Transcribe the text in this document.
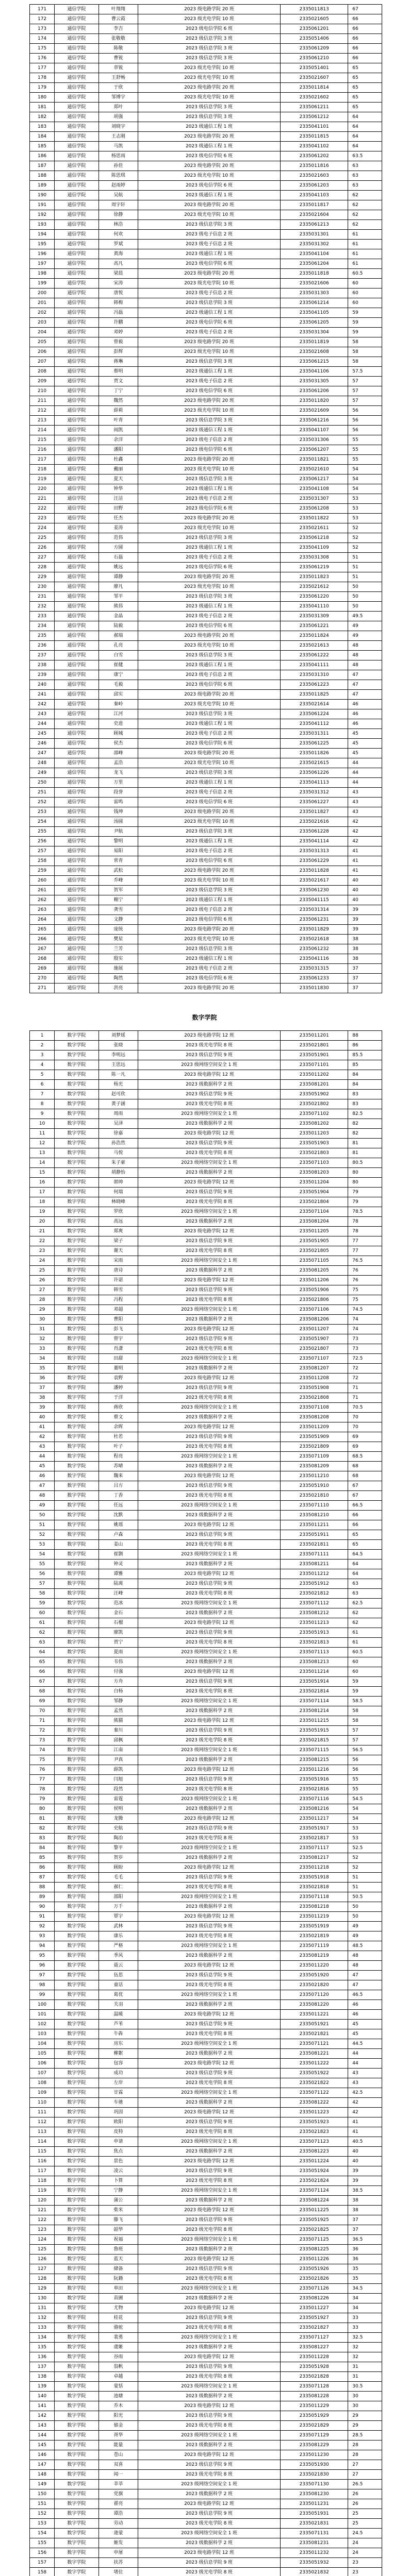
171	通信学院	叶翔翔	2023 级电路学院 20 班	2335011813	67
172	通信学院	曹云霞	2023 级光电学院 10 班	2335021605	66
173	通信学院	李吉	2023 级电信学院 6 班	2335061201	66
174	通信学院	张敬敬	2023 级信息学院 3 班	2335051406	66
175	通信学院	陈敬	2023 级信息学院 3 班	2335061209	66
176	通信学院	曹锐	2023 级信息学院 3 班	2335061210	66
177	通信学院	章锐	2023 级光电学院 10 班	2335051401	65
178	通信学院	王舒畅	2023 级光电学院 10 班	2335021607	65
179	通信学院	于欣	2023 级电路学院 20 班	2335011814	65
180	通信学院	邹博宇	2023 级光电学院 10 班	2335021602	65
181	通信学院	郑叶	2023 级信息学院 3 班	2335061211	65
182	通信学院	胡强	2023 级信息学院 3 班	2335061212	64
183	通信学院	刘晓宇	2023 级通信工程 1 班	2335041101	64
184	通信学院	王志刚	2023 级电路学院 20 班	2335011815	64
185	通信学院	马凯	2023 级通信工程 1 班	2335041102	64
186	通信学院	杨思雨	2023 级电信学院 6 班	2335061202	63.5
187	通信学院	孙佳	2023 级电路学院 20 班	2335011816	63
188	通信学院	陈思琪	2023 级光电学院 10 班	2335021603	63
189	通信学院	赵雨婷	2023 级电信学院 6 班	2335061203	63
190	通信学院	吴航	2023 级通信工程 1 班	2335041103	62
191	通信学院	周宇轩	2023 级电路学院 20 班	2335011817	62
192	通信学院	徐静	2023 级光电学院 10 班	2335021604	62
193	通信学院	林浩	2023 级信息学院 3 班	2335061213	62
194	通信学院	何欢	2023 级电子信息 2 班	2335031301	61
195	通信学院	罗斌	2023 级电子信息 2 班	2335031302	61
196	通信学院	黄海	2023 级通信工程 1 班	2335041104	61
197	通信学院	高凡	2023 级电信学院 6 班	2335061204	61
198	通信学院	梁晨	2023 级电路学院 20 班	2335011818	60.5
199	通信学院	宋涛	2023 级光电学院 10 班	2335021606	60
200	通信学院	唐悦	2023 级电子信息 2 班	2335031303	60
201	通信学院	韩梅	2023 级信息学院 3 班	2335061214	60
202	通信学院	冯磊	2023 级通信工程 1 班	2335041105	59
203	通信学院	许鹏	2023 级电信学院 6 班	2335061205	59
204	通信学院	邓婷	2023 级电子信息 2 班	2335031304	59
205	通信学院	曾毅	2023 级电路学院 20 班	2335011819	58
206	通信学院	彭辉	2023 级光电学院 10 班	2335021608	58
207	通信学院	蒋琳	2023 级信息学院 3 班	2335061215	58
208	通信学院	蔡明	2023 级通信工程 1 班	2335041106	57.5
209	通信学院	贾文	2023 级电子信息 2 班	2335031305	57
210	通信学院	丁宁	2023 级电信学院 6 班	2335061206	57
211	通信学院	魏然	2023 级电路学院 20 班	2335011820	57
212	通信学院	薛莉	2023 级光电学院 10 班	2335021609	56
213	通信学院	叶青	2023 级信息学院 3 班	2335061216	56
214	通信学院	阎凯	2023 级通信工程 1 班	2335041107	56
215	通信学院	余洋	2023 级电子信息 2 班	2335031306	55
216	通信学院	潘阳	2023 级电信学院 6 班	2335061207	55
217	通信学院	杜鑫	2023 级电路学院 20 班	2335011821	55
218	通信学院	戴丽	2023 级光电学院 10 班	2335021610	54
219	通信学院	夏天	2023 级信息学院 3 班	2335061217	54
220	通信学院	钟华	2023 级通信工程 1 班	2335041108	54
221	通信学院	汪洁	2023 级电子信息 2 班	2335031307	53
222	通信学院	田野	2023 级电信学院 6 班	2335061208	53
223	通信学院	任杰	2023 级电路学院 20 班	2335011822	53
224	通信学院	姜涛	2023 级光电学院 10 班	2335021611	52
225	通信学院	范伟	2023 级信息学院 3 班	2335061218	52
226	通信学院	方圆	2023 级通信工程 1 班	2335041109	52
227	通信学院	石磊	2023 级电子信息 2 班	2335031308	51
228	通信学院	姚远	2023 级电信学院 6 班	2335061219	51
229	通信学院	谭静	2023 级电路学院 20 班	2335011823	51
230	通信学院	廖凡	2023 级光电学院 10 班	2335021612	50
231	通信学院	邹平	2023 级信息学院 3 班	2335061220	50
232	通信学院	熊伟	2023 级通信工程 1 班	2335041110	50
233	通信学院	金晶	2023 级电子信息 2 班	2335031309	49.5
234	通信学院	陆毅	2023 级电信学院 6 班	2335061221	49
235	通信学院	郝瑞	2023 级电路学院 20 班	2335011824	49
236	通信学院	孔亮	2023 级光电学院 10 班	2335021613	48
237	通信学院	白雪	2023 级信息学院 3 班	2335061222	48
238	通信学院	崔健	2023 级通信工程 1 班	2335041111	48
239	通信学院	康宁	2023 级电子信息 2 班	2335031310	47
240	通信学院	毛毅	2023 级电信学院 6 班	2335061223	47
241	通信学院	邱实	2023 级电路学院 20 班	2335011825	47
242	通信学院	秦岭	2023 级光电学院 10 班	2335021614	46
243	通信学院	江河	2023 级信息学院 3 班	2335061224	46
244	通信学院	史进	2023 级通信工程 1 班	2335041112	46
245	通信学院	顾城	2023 级电子信息 2 班	2335031311	45
246	通信学院	侯杰	2023 级电信学院 6 班	2335061225	45
247	通信学院	邵峰	2023 级电路学院 20 班	2335011826	45
248	通信学院	孟浩	2023 级光电学院 10 班	2335021615	44
249	通信学院	龙飞	2023 级信息学院 3 班	2335061226	44
250	通信学院	万里	2023 级通信工程 1 班	2335041113	44
251	通信学院	段誉	2023 级电子信息 2 班	2335031312	43
252	通信学院	雷鸣	2023 级电信学院 6 班	2335061227	43
253	通信学院	钱坤	2023 级电路学院 20 班	2335011827	43
254	通信学院	汤圆	2023 级光电学院 10 班	2335021616	42
255	通信学院	尹航	2023 级信息学院 3 班	2335061228	42
256	通信学院	黎明	2023 级通信工程 1 班	2335041114	42
257	通信学院	易阳	2023 级电子信息 2 班	2335031313	41
258	通信学院	常青	2023 级电信学院 6 班	2335061229	41
259	通信学院	武松	2023 级电路学院 20 班	2335011828	41
260	通信学院	乔峰	2023 级光电学院 10 班	2335021617	40
261	通信学院	贺军	2023 级信息学院 3 班	2335061230	40
262	通信学院	赖宁	2023 级通信工程 1 班	2335041115	40
263	通信学院	龚雪	2023 级电子信息 2 班	2335031314	39
264	通信学院	文静	2023 级电信学院 6 班	2335061231	39
265	通信学院	庞统	2023 级电路学院 20 班	2335011829	39
266	通信学院	樊星	2023 级光电学院 10 班	2335021618	38
267	通信学院	兰芳	2023 级信息学院 3 班	2335061232	38
268	通信学院	殷实	2023 级通信工程 1 班	2335041116	38
269	通信学院	施展	2023 级电子信息 2 班	2335031315	37
270	通信学院	陶然	2023 级电信学院 6 班	2335061233	37
271	通信学院	洪亮	2023 级电路学院 20 班	2335011830	37
数字学院
1	数字学院	刘梦瑶	2023 级电路学院 12 班	2335011201	88
2	数字学院	张晓	2023 级光电学院 8 班	2335021801	86
3	数字学院	李明远	2023 级信息学院 9 班	2335051901	85.5
4	数字学院	王思远	2023 级网络空间安全 1 班	2335071101	85
5	数字学院	陈一凡	2023 级电路学院 12 班	2335011202	84
6	数字学院	杨光	2023 级数据科学 2 班	2335081201	84
7	数字学院	赵可欣	2023 级信息学院 9 班	2335051902	83
8	数字学院	黄子涵	2023 级光电学院 8 班	2335021802	83
9	数字学院	周雨	2023 级网络空间安全 1 班	2335071102	82.5
10	数字学院	吴泽	2023 级数据科学 2 班	2335081202	82
11	数字学院	徐嘉	2023 级电路学院 12 班	2335011203	82
12	数字学院	孙浩然	2023 级信息学院 9 班	2335051903	81
13	数字学院	马悦	2023 级光电学院 8 班	2335021803	81
14	数字学院	朱子豪	2023 级网络空间安全 1 班	2335071103	80.5
15	数字学院	胡静怡	2023 级数据科学 2 班	2335081203	80
16	数字学院	郭帅	2023 级电路学院 12 班	2335011204	80
17	数字学院	何瑞	2023 级信息学院 9 班	2335051904	79
18	数字学院	林晓峰	2023 级光电学院 8 班	2335021804	79
19	数字学院	罗欣	2023 级网络空间安全 1 班	2335071104	78.5
20	数字学院	高远	2023 级数据科学 2 班	2335081204	78
21	数字学院	郑爽	2023 级电路学院 12 班	2335011205	78
22	数字学院	梁子	2023 级信息学院 9 班	2335051905	77
23	数字学院	谢天	2023 级光电学院 8 班	2335021805	77
24	数字学院	宋雨	2023 级网络空间安全 1 班	2335071105	76.5
25	数字学院	唐诗	2023 级数据科学 2 班	2335081205	76
26	数字学院	许诺	2023 级电路学院 12 班	2335011206	76
27	数字学院	韩雪	2023 级信息学院 9 班	2335051906	75
28	数字学院	冯程	2023 级光电学院 8 班	2335021806	75
29	数字学院	邓超	2023 级网络空间安全 1 班	2335071106	74.5
30	数字学院	曹阳	2023 级数据科学 2 班	2335081206	74
31	数字学院	彭飞	2023 级电路学院 12 班	2335011207	74
32	数字学院	曾宇	2023 级信息学院 9 班	2335051907	73
33	数字学院	肖潇	2023 级光电学院 8 班	2335021807	73
34	数字学院	田甜	2023 级网络空间安全 1 班	2335071107	72.5
35	数字学院	董明	2023 级数据科学 2 班	2335081207	72
36	数字学院	袁野	2023 级电路学院 12 班	2335011208	72
37	数字学院	潘婷	2023 级信息学院 9 班	2335051908	71
38	数字学院	于洋	2023 级光电学院 8 班	2335021808	71
39	数字学院	蒋欣	2023 级网络空间安全 1 班	2335071108	70.5
40	数字学院	蔡文	2023 级数据科学 2 班	2335081208	70
41	数字学院	余晖	2023 级电路学院 12 班	2335011209	70
42	数字学院	杜若	2023 级信息学院 9 班	2335051909	69
43	数字学院	叶子	2023 级光电学院 8 班	2335021809	69
44	数字学院	程亮	2023 级网络空间安全 1 班	2335071109	68.5
45	数字学院	苏晴	2023 级数据科学 2 班	2335081209	68
46	数字学院	魏来	2023 级电路学院 12 班	2335011210	68
47	数字学院	吕方	2023 级信息学院 9 班	2335051910	67
48	数字学院	丁香	2023 级光电学院 8 班	2335021810	67
49	数字学院	任远	2023 级网络空间安全 1 班	2335071110	66.5
50	数字学院	沈默	2023 级数据科学 2 班	2335081210	66
51	数字学院	姚瑶	2023 级电路学院 12 班	2335011211	66
52	数字学院	卢森	2023 级信息学院 9 班	2335051911	65
53	数字学院	姜山	2023 级光电学院 8 班	2335021811	65
54	数字学院	崔颢	2023 级网络空间安全 1 班	2335071111	64.5
55	数字学院	钟灵	2023 级数据科学 2 班	2335081211	64
56	数字学院	谭雅	2023 级电路学院 12 班	2335011212	64
57	数字学院	陆离	2023 级信息学院 9 班	2335051912	63
58	数字学院	汪峰	2023 级光电学院 8 班	2335021812	63
59	数字学院	范冰	2023 级网络空间安全 1 班	2335071112	62.5
60	数字学院	金石	2023 级数据科学 2 班	2335081212	62
61	数字学院	石榴	2023 级电路学院 12 班	2335011213	62
62	数字学院	廖凯	2023 级信息学院 9 班	2335051913	61
63	数字学院	贾宁	2023 级光电学院 8 班	2335021813	61
64	数字学院	夏雨	2023 级网络空间安全 1 班	2335071113	60.5
65	数字学院	韦伟	2023 级数据科学 2 班	2335081213	60
66	数字学院	付强	2023 级电路学院 12 班	2335011214	60
67	数字学院	方舟	2023 级信息学院 9 班	2335051914	59
68	数字学院	白杨	2023 级光电学院 8 班	2335021814	59
69	数字学院	邹静	2023 级网络空间安全 1 班	2335071114	58.5
70	数字学院	孟然	2023 级数据科学 2 班	2335081214	58
71	数字学院	熊猫	2023 级电路学院 12 班	2335011215	58
72	数字学院	秦川	2023 级信息学院 9 班	2335051915	57
73	数字学院	邱枫	2023 级光电学院 8 班	2335021815	57
74	数字学院	江南	2023 级网络空间安全 1 班	2335071115	56.5
75	数字学院	尹真	2023 级数据科学 2 班	2335081215	56
76	数字学院	薛凯	2023 级电路学院 12 班	2335011216	56
77	数字学院	闫旭	2023 级信息学院 9 班	2335051916	55
78	数字学院	段然	2023 级光电学院 8 班	2335021816	55
79	数字学院	雷霆	2023 级网络空间安全 1 班	2335071116	54.5
80	数字学院	侯明	2023 级数据科学 2 班	2335081216	54
81	数字学院	龙腾	2023 级电路学院 12 班	2335011217	54
82	数字学院	史航	2023 级信息学院 9 班	2335051917	53
83	数字学院	陶冶	2023 级光电学院 8 班	2335021817	53
84	数字学院	黎平	2023 级网络空间安全 1 班	2335071117	52.5
85	数字学院	贺岁	2023 级数据科学 2 班	2335081217	52
86	数字学院	顾盼	2023 级电路学院 12 班	2335011218	52
87	数字学院	毛毛	2023 级信息学院 9 班	2335051918	51
88	数字学院	郝仁	2023 级光电学院 8 班	2335021818	51
89	数字学院	邵阳	2023 级网络空间安全 1 班	2335071118	50.5
90	数字学院	万千	2023 级数据科学 2 班	2335081218	50
91	数字学院	覃宇	2023 级电路学院 12 班	2335011219	50
92	数字学院	武林	2023 级信息学院 9 班	2335051919	49
93	数字学院	康乐	2023 级光电学院 8 班	2335021819	49
94	数字学院	严格	2023 级网络空间安全 1 班	2335071119	48.5
95	数字学院	季风	2023 级数据科学 2 班	2335081219	48
96	数字学院	聂云	2023 级电路学院 12 班	2335011220	48
97	数字学院	伍思	2023 级信息学院 9 班	2335051920	47
98	数字学院	童话	2023 级光电学院 8 班	2335021820	47
99	数字学院	葛优	2023 级网络空间安全 1 班	2335071120	46.5
100	数字学院	关羽	2023 级数据科学 2 班	2335081220	46
101	数字学院	温暖	2023 级电路学院 12 班	2335011221	46
102	数字学院	芦苇	2023 级信息学院 9 班	2335051921	45
103	数字学院	牛犇	2023 级光电学院 8 班	2335021821	45
104	数字学院	房东	2023 级网络空间安全 1 班	2335071121	44.5
105	数字学院	柳絮	2023 级数据科学 2 班	2335081221	44
106	数字学院	包容	2023 级电路学院 12 班	2335011222	44
107	数字学院	成功	2023 级信息学院 9 班	2335051922	43
108	数字学院	左岸	2023 级光电学院 8 班	2335021822	43
109	数字学院	甘霖	2023 级网络空间安全 1 班	2335071122	42.5
110	数字学院	车驰	2023 级数据科学 2 班	2335081222	42
111	数字学院	巩固	2023 级电路学院 12 班	2335011223	42
112	数字学院	欧阳	2023 级信息学院 9 班	2335051923	41
113	数字学院	皮特	2023 级光电学院 8 班	2335021823	41
114	数字学院	申请	2023 级网络空间安全 1 班	2335071123	40.5
115	数字学院	焦点	2023 级数据科学 2 班	2335081223	40
116	数字学院	景色	2023 级电路学院 12 班	2335011224	40
117	数字学院	凌云	2023 级信息学院 9 班	2335051924	39
118	数字学院	卜算	2023 级光电学院 8 班	2335021824	39
119	数字学院	宁静	2023 级网络空间安全 1 班	2335071124	38.5
120	数字学院	蒲公	2023 级数据科学 2 班	2335081224	38
121	数字学院	柴米	2023 级电路学院 12 班	2335011225	38
122	数字学院	滕飞	2023 级信息学院 9 班	2335051925	37
123	数字学院	韶华	2023 级光电学院 8 班	2335021825	37
124	数字学院	祝福	2023 级网络空间安全 1 班	2335071125	36.5
125	数字学院	鲁班	2023 级数据科学 2 班	2335081225	36
126	数字学院	蓝天	2023 级电路学院 12 班	2335011226	36
127	数字学院	储备	2023 级信息学院 9 班	2335051926	35
128	数字学院	阮籍	2023 级光电学院 8 班	2335021826	35
129	数字学院	单田	2023 级网络空间安全 1 班	2335071126	34.5
130	数字学院	苗圃	2023 级数据科学 2 班	2335081226	34
131	数字学院	尤物	2023 级电路学院 12 班	2335011227	34
132	数字学院	桂花	2023 级信息学院 9 班	2335051927	33
133	数字学院	骆驼	2023 级光电学院 8 班	2335021827	33
134	数字学院	裴勇	2023 级网络空间安全 1 班	2335071127	32.5
135	数字学院	虞姬	2023 级数据科学 2 班	2335081227	32
136	数字学院	谷雨	2023 级电路学院 12 班	2335011228	32
137	数字学院	翁帆	2023 级信息学院 9 班	2335051928	31
138	数字学院	卓越	2023 级光电学院 8 班	2335021828	31
139	数字学院	蒙恬	2023 级网络空间安全 1 班	2335071128	30.5
140	数字学院	池塘	2023 级数据科学 2 班	2335081228	30
141	数字学院	乔木	2023 级电路学院 12 班	2335011229	30
142	数字学院	阳光	2023 级信息学院 9 班	2335051929	29
143	数字学院	郁金	2023 级光电学院 8 班	2335021829	29
144	数字学院	胥华	2023 级网络空间安全 1 班	2335071129	28.5
145	数字学院	能量	2023 级数据科学 2 班	2335081229	28
146	数字学院	苍山	2023 级电路学院 12 班	2335011230	28
147	数字学院	双喜	2023 级信息学院 9 班	2335051930	27
148	数字学院	闻一	2023 级光电学院 8 班	2335021830	27
149	数字学院	莘莘	2023 级网络空间安全 1 班	2335071130	26.5
150	数字学院	党旗	2023 级数据科学 2 班	2335081230	26
151	数字学院	翟亮	2023 级电路学院 12 班	2335011231	26
152	数字学院	谭浩	2023 级信息学院 9 班	2335051931	25
153	数字学院	劳动	2023 级光电学院 8 班	2335021831	25
154	数字学院	逄蒙	2023 级网络空间安全 1 班	2335071131	24.5
155	数字学院	姬发	2023 级数据科学 2 班	2335081231	24
156	数字学院	申屠	2023 级电路学院 12 班	2335011232	24
157	数字学院	扶苏	2023 级信息学院 9 班	2335051932	23
158	数字学院	堵住	2023 级光电学院 8 班	2335021832	23
